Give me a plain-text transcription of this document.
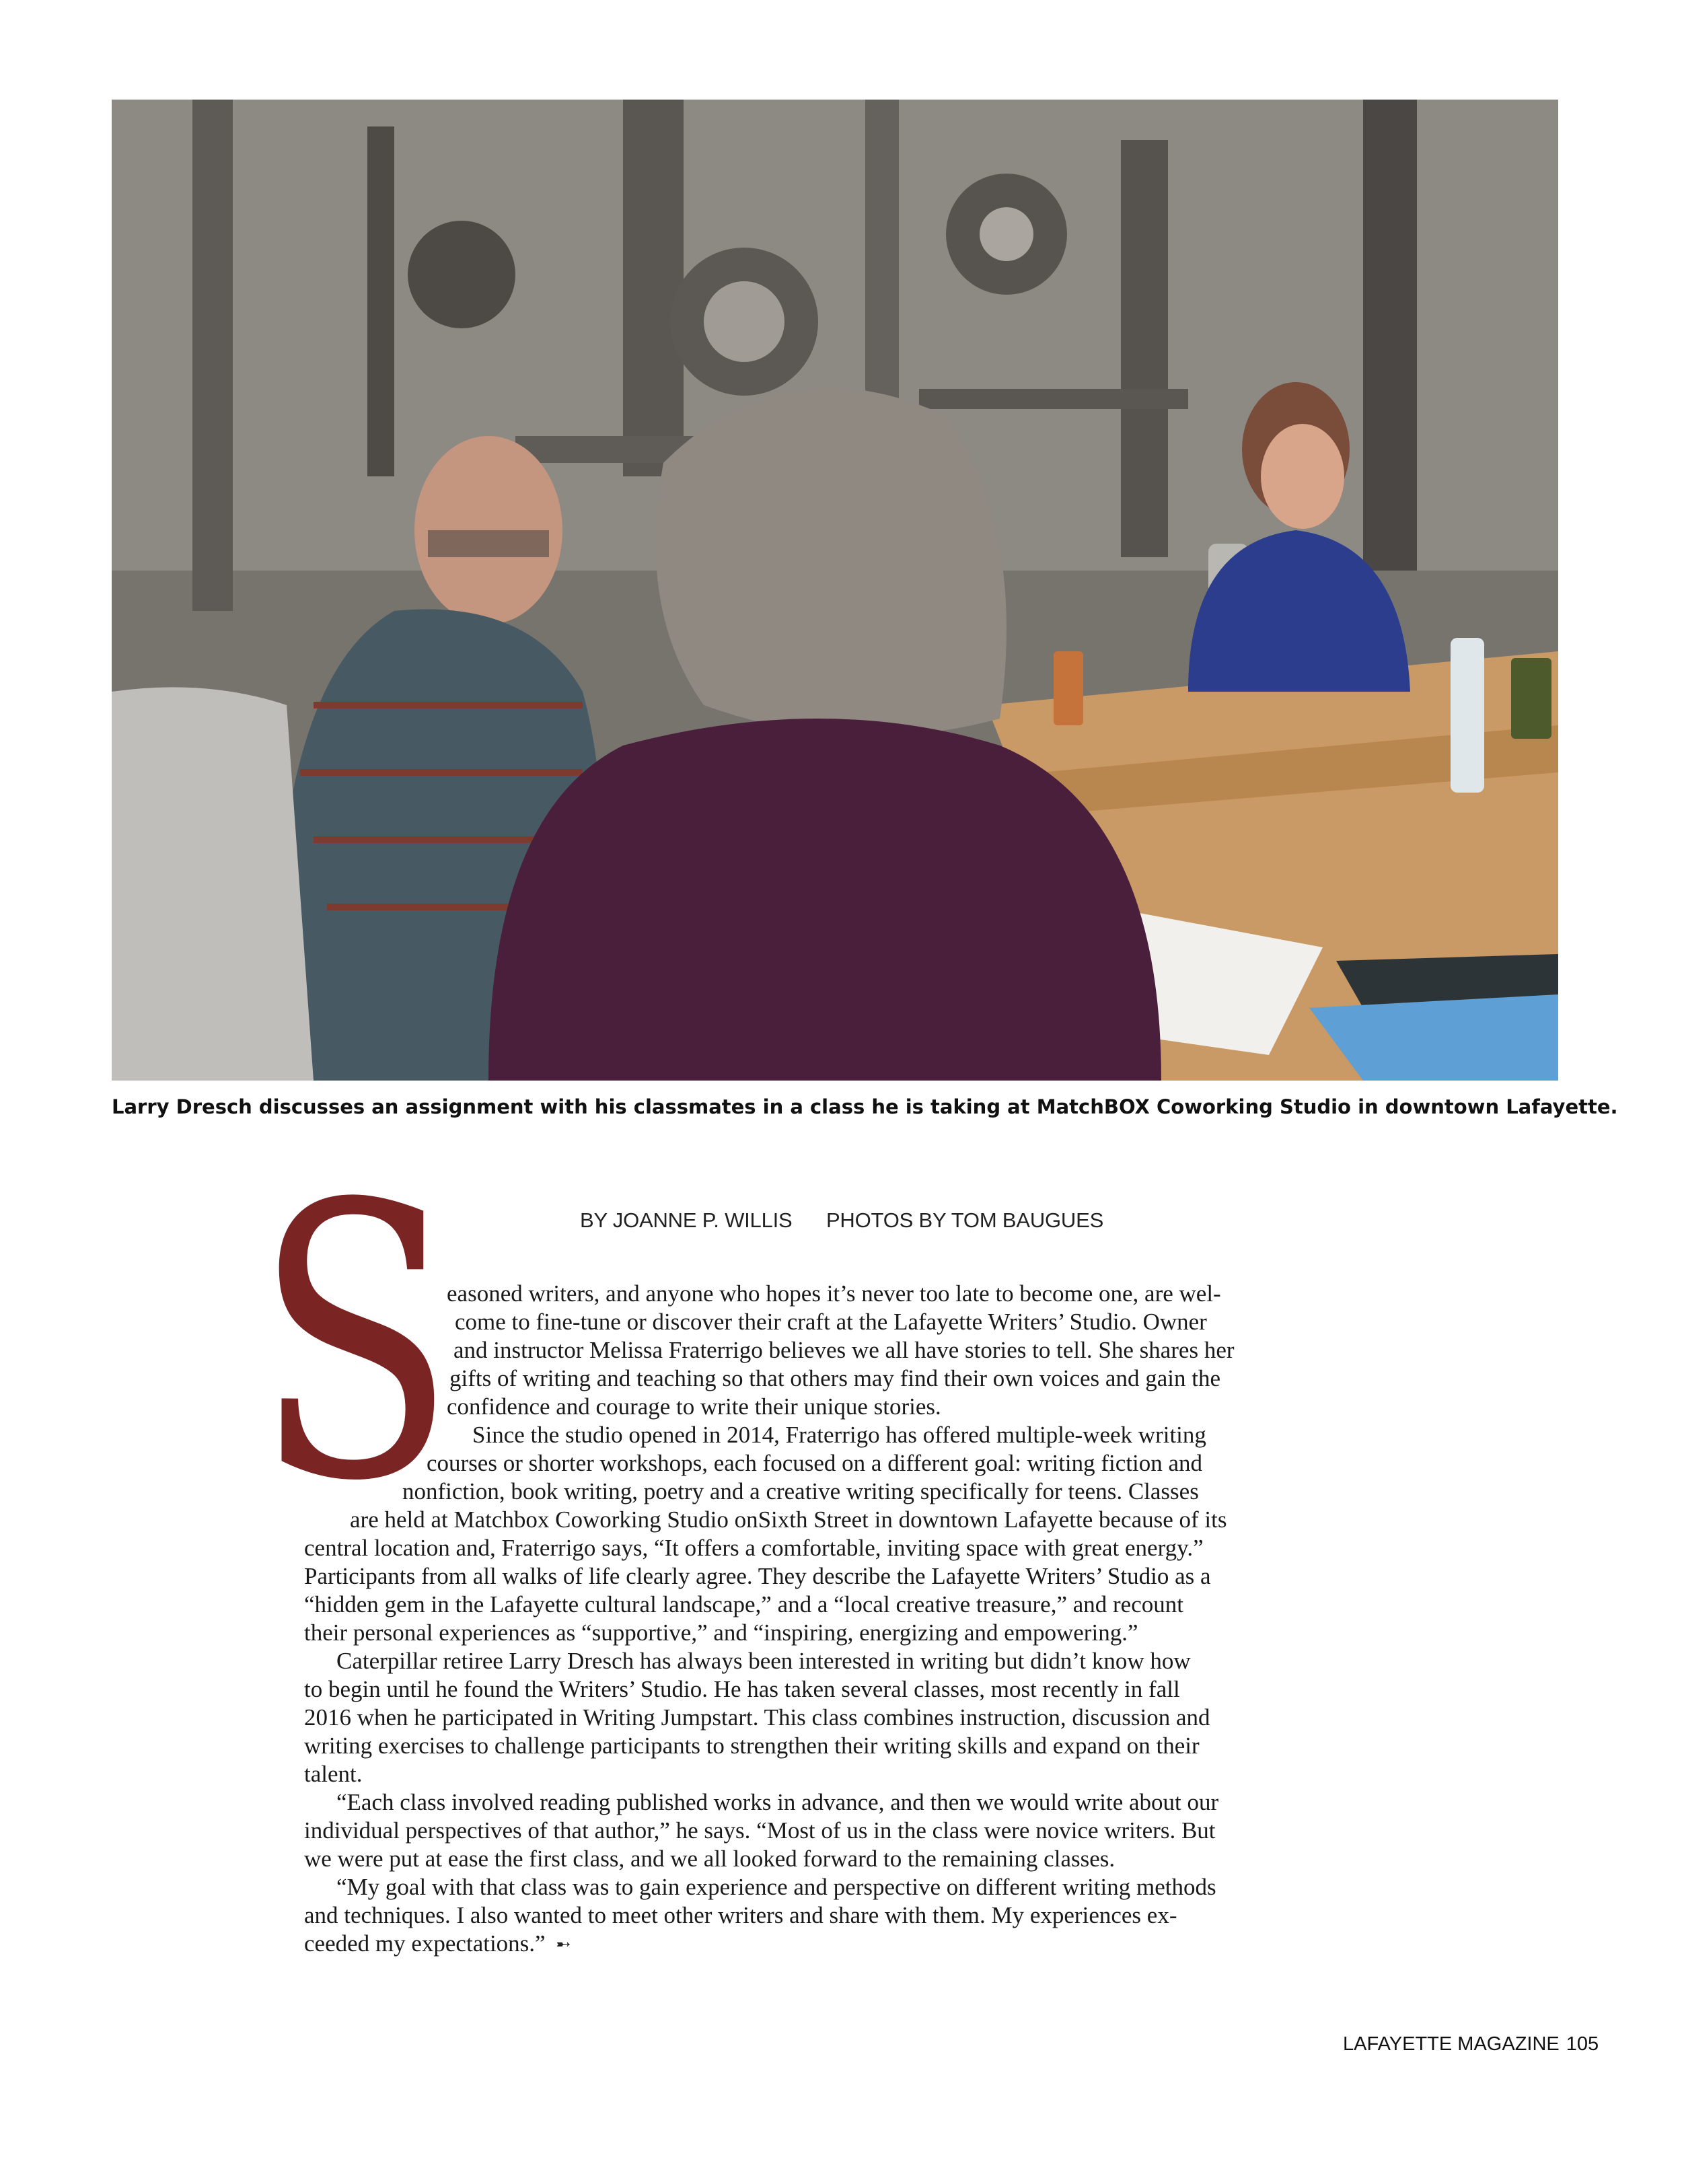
Larry Dresch discusses an assignment with his classmates in a class he is taking at MatchBOX Coworking Studio in downtown Lafayette.
BY JOANNE P. WILLIS PHOTOS BY TOM BAUGUES
S
easoned writers, and anyone who hopes it’s never too late to become one, are wel-
come to fine-tune or discover their craft at the Lafayette Writers’ Studio. Owner
and instructor Melissa Fraterrigo believes we all have stories to tell. She shares her
gifts of writing and teaching so that others may find their own voices and gain the
confidence and courage to write their unique stories.
Since the studio opened in 2014, Fraterrigo has offered multiple-week writing
courses or shorter workshops, each focused on a different goal: writing fiction and
nonfiction, book writing, poetry and a creative writing specifically for teens. Classes
are held at Matchbox Coworking Studio onSixth Street in downtown Lafayette because of its
central location and, Fraterrigo says, “It offers a comfortable, inviting space with great energy.”
Participants from all walks of life clearly agree. They describe the Lafayette Writers’ Studio as a
“hidden gem in the Lafayette cultural landscape,” and a “local creative treasure,” and recount
their personal experiences as “supportive,” and “inspiring, energizing and empowering.”
Caterpillar retiree Larry Dresch has always been interested in writing but didn’t know how
to begin until he found the Writers’ Studio. He has taken several classes, most recently in fall
2016 when he participated in Writing Jumpstart. This class combines instruction, discussion and
writing exercises to challenge participants to strengthen their writing skills and expand on their
talent.
“Each class involved reading published works in advance, and then we would write about our
individual perspectives of that author,” he says. “Most of us in the class were novice writers. But
we were put at ease the first class, and we all looked forward to the remaining classes.
“My goal with that class was to gain experience and perspective on different writing methods
and techniques. I also wanted to meet other writers and share with them. My experiences ex-
ceeded my expectations.” ➸
LAFAYETTE MAGAZINE 105
